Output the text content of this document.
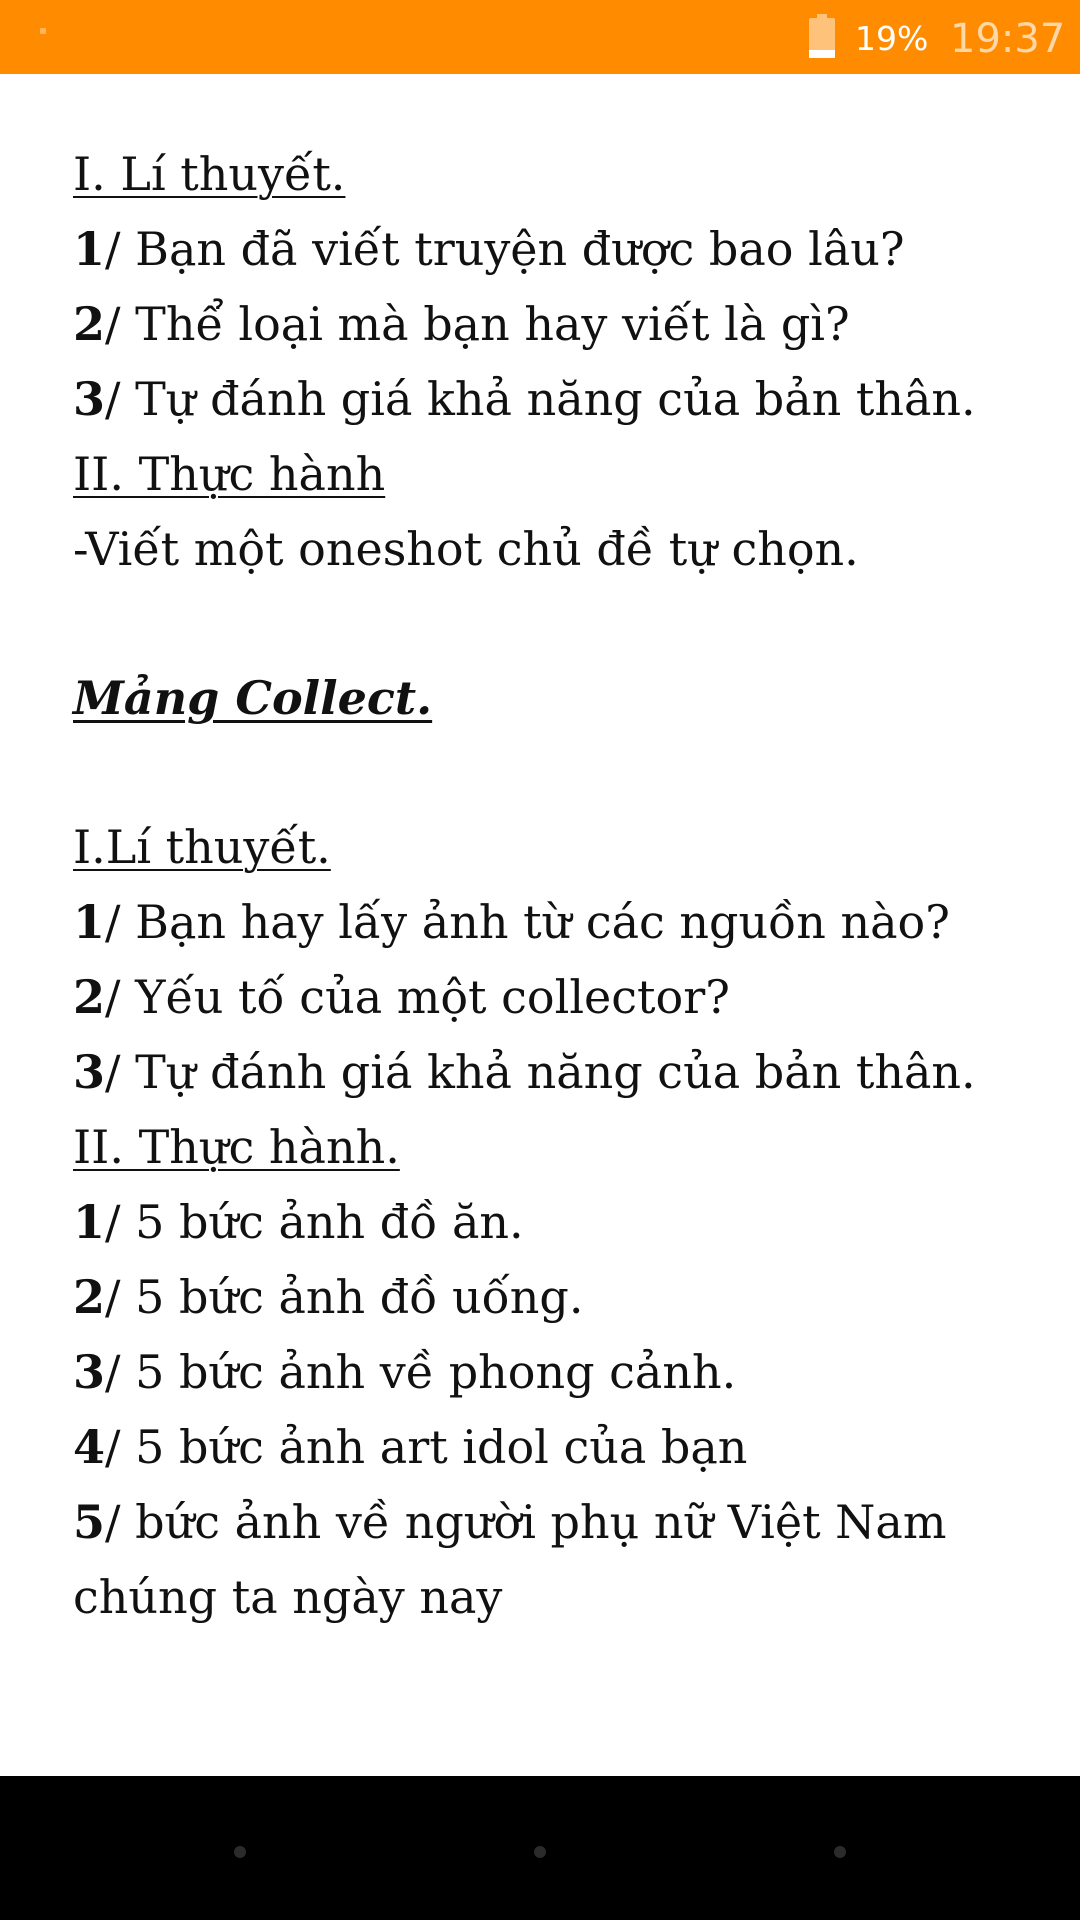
I. Lí thuyết.
1/ Bạn đã viết truyện được bao lâu?
2/ Thể loại mà bạn hay viết là gì?
3/ Tự đánh giá khả năng của bản thân.
II. Thực hành
-Viết một oneshot chủ đề tự chọn.
Mảng Collect.
I.Lí thuyết.
1/ Bạn hay lấy ảnh từ các nguồn nào?
2/ Yếu tố của một collector?
3/ Tự đánh giá khả năng của bản thân.
II. Thực hành.
1/ 5 bức ảnh đồ ăn.
2/ 5 bức ảnh đồ uống.
3/ 5 bức ảnh về phong cảnh.
4/ 5 bức ảnh art idol của bạn
5/ bức ảnh về người phụ nữ Việt Nam
chúng ta ngày nay
19% 19:37
